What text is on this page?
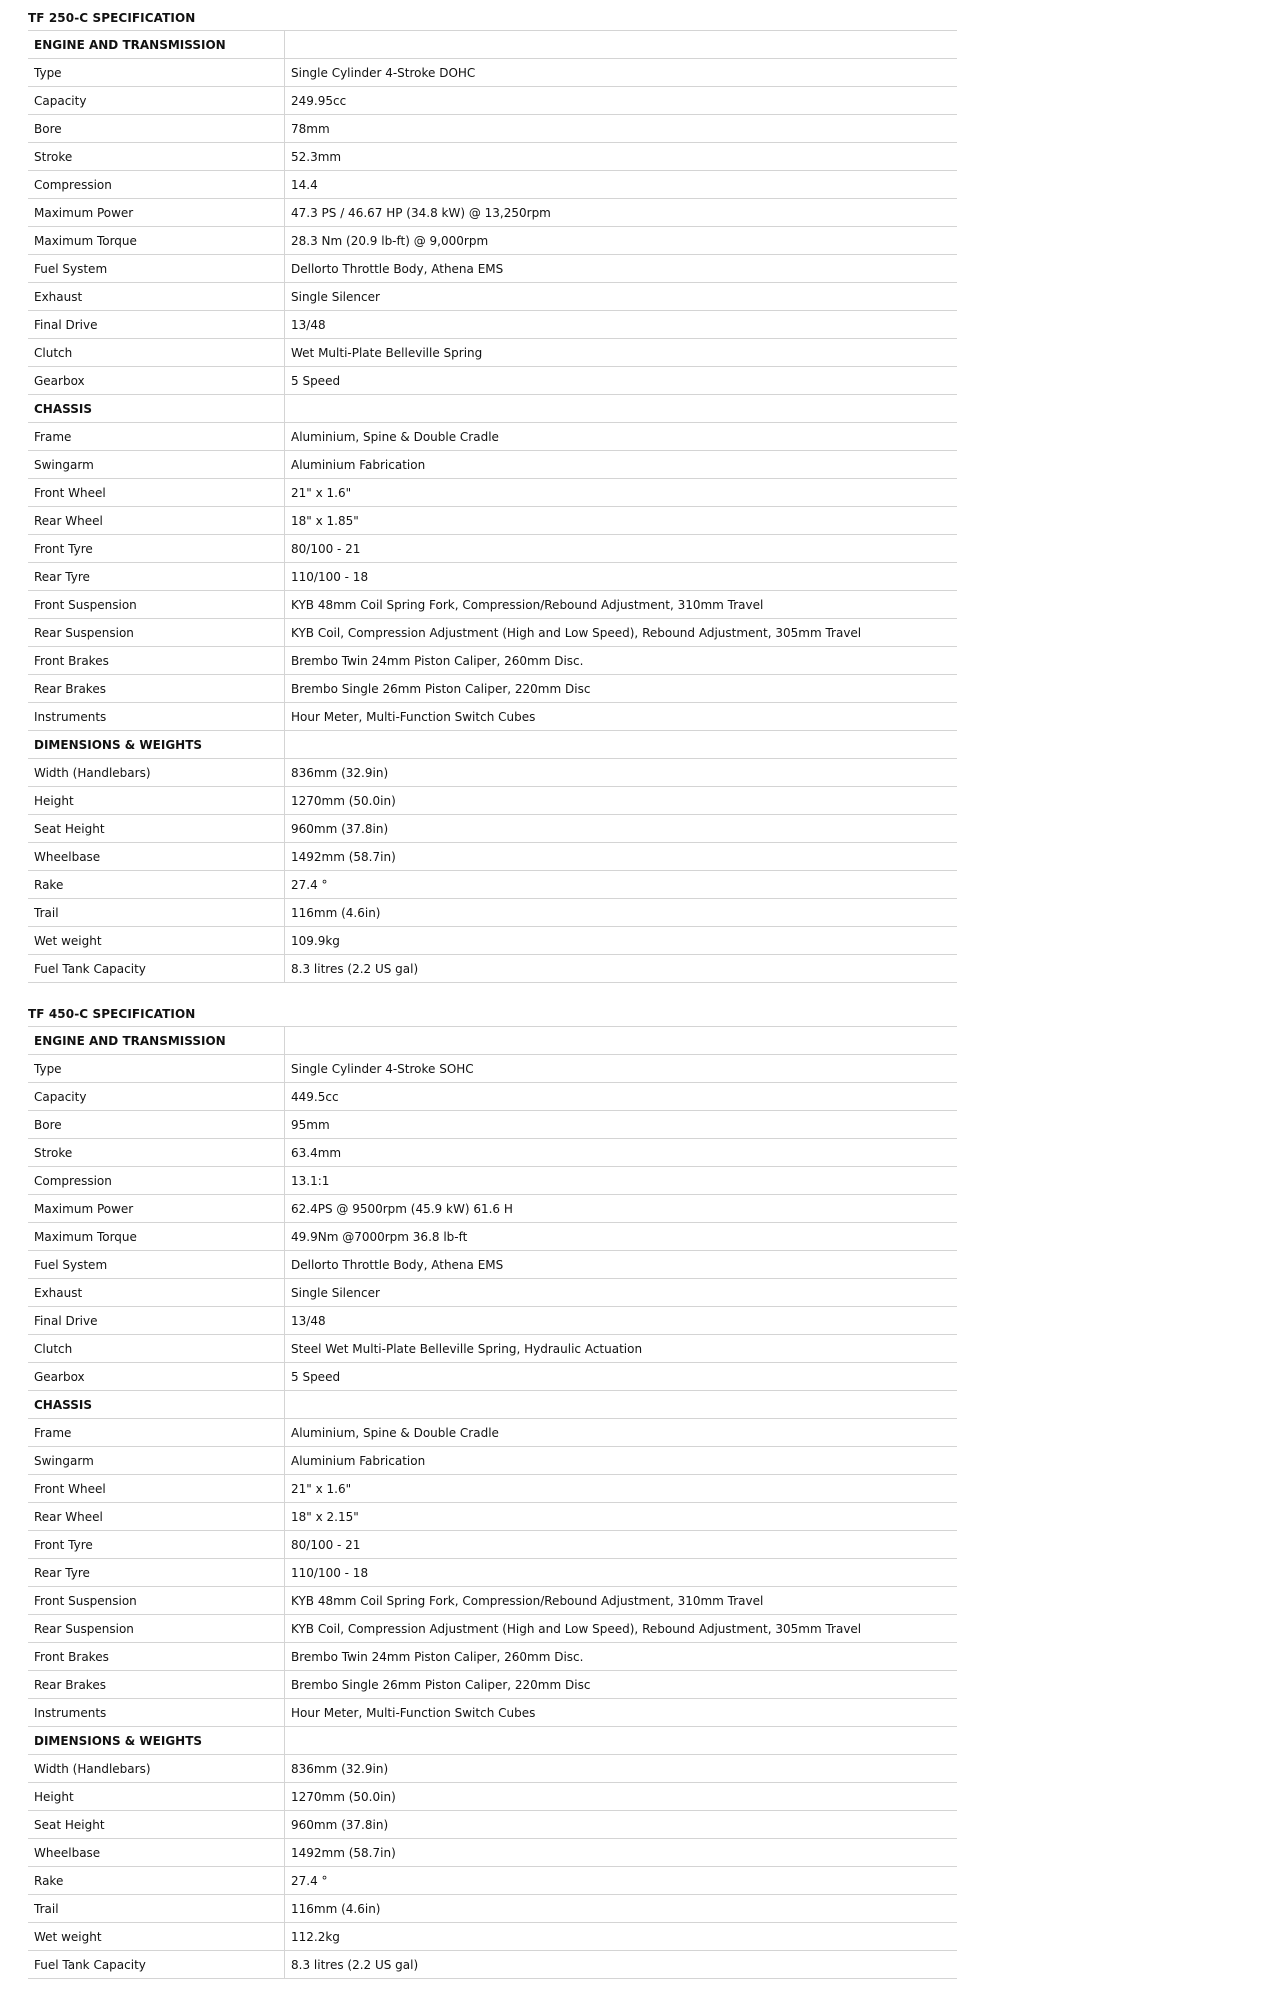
TF 250-C SPECIFICATION
ENGINE AND TRANSMISSION	
Type	Single Cylinder 4-Stroke DOHC
Capacity	249.95cc
Bore	78mm
Stroke	52.3mm
Compression	14.4
Maximum Power	47.3 PS / 46.67 HP (34.8 kW) @ 13,250rpm
Maximum Torque	28.3 Nm (20.9 lb-ft) @ 9,000rpm
Fuel System	Dellorto Throttle Body, Athena EMS
Exhaust	Single Silencer
Final Drive	13/48
Clutch	Wet Multi-Plate Belleville Spring
Gearbox	5 Speed
CHASSIS	
Frame	Aluminium, Spine & Double Cradle
Swingarm	Aluminium Fabrication
Front Wheel	21" x 1.6"
Rear Wheel	18" x 1.85"
Front Tyre	80/100 - 21
Rear Tyre	110/100 - 18
Front Suspension	KYB 48mm Coil Spring Fork, Compression/Rebound Adjustment, 310mm Travel
Rear Suspension	KYB Coil, Compression Adjustment (High and Low Speed), Rebound Adjustment, 305mm Travel
Front Brakes	Brembo Twin 24mm Piston Caliper, 260mm Disc.
Rear Brakes	Brembo Single 26mm Piston Caliper, 220mm Disc
Instruments	Hour Meter, Multi-Function Switch Cubes
DIMENSIONS & WEIGHTS	
Width (Handlebars)	836mm (32.9in)
Height	1270mm (50.0in)
Seat Height	960mm (37.8in)
Wheelbase	1492mm (58.7in)
Rake	27.4 °
Trail	116mm (4.6in)
Wet weight	109.9kg
Fuel Tank Capacity	8.3 litres (2.2 US gal)
TF 450-C SPECIFICATION
ENGINE AND TRANSMISSION	
Type	Single Cylinder 4-Stroke SOHC
Capacity	449.5cc
Bore	95mm
Stroke	63.4mm
Compression	13.1:1
Maximum Power	62.4PS @ 9500rpm (45.9 kW) 61.6 H
Maximum Torque	49.9Nm @7000rpm 36.8 lb-ft
Fuel System	Dellorto Throttle Body, Athena EMS
Exhaust	Single Silencer
Final Drive	13/48
Clutch	Steel Wet Multi-Plate Belleville Spring, Hydraulic Actuation
Gearbox	5 Speed
CHASSIS	
Frame	Aluminium, Spine & Double Cradle
Swingarm	Aluminium Fabrication
Front Wheel	21" x 1.6"
Rear Wheel	18" x 2.15"
Front Tyre	80/100 - 21
Rear Tyre	110/100 - 18
Front Suspension	KYB 48mm Coil Spring Fork, Compression/Rebound Adjustment, 310mm Travel
Rear Suspension	KYB Coil, Compression Adjustment (High and Low Speed), Rebound Adjustment, 305mm Travel
Front Brakes	Brembo Twin 24mm Piston Caliper, 260mm Disc.
Rear Brakes	Brembo Single 26mm Piston Caliper, 220mm Disc
Instruments	Hour Meter, Multi-Function Switch Cubes
DIMENSIONS & WEIGHTS	
Width (Handlebars)	836mm (32.9in)
Height	1270mm (50.0in)
Seat Height	960mm (37.8in)
Wheelbase	1492mm (58.7in)
Rake	27.4 °
Trail	116mm (4.6in)
Wet weight	112.2kg
Fuel Tank Capacity	8.3 litres (2.2 US gal)
